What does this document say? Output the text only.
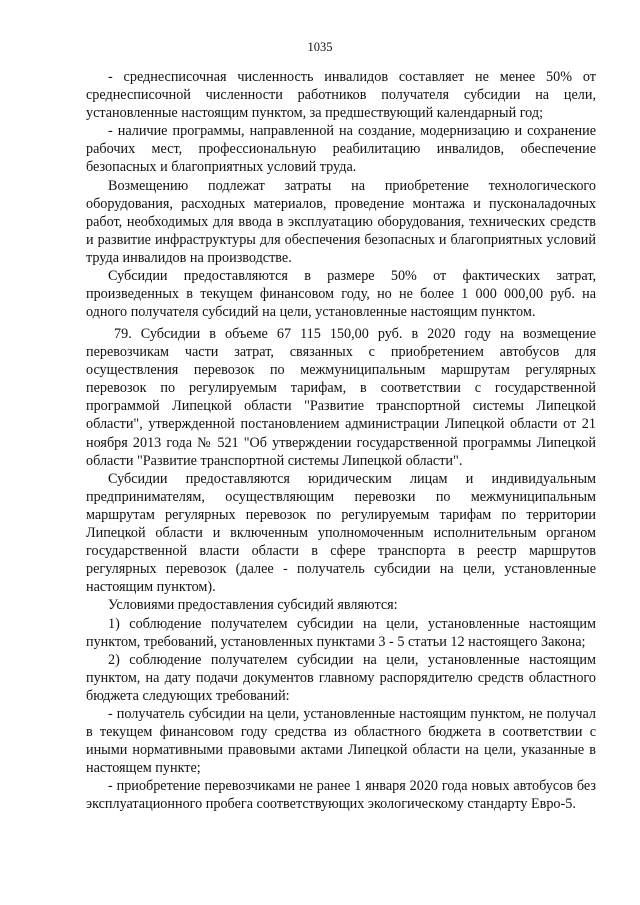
1035

- среднесписочная численность инвалидов составляет не менее 50% от среднесписочной численности работников получателя субсидии на цели, установленные настоящим пунктом, за предшествующий календарный год;

- наличие программы, направленной на создание, модернизацию и сохранение рабочих мест, профессиональную реабилитацию инвалидов, обеспечение безопасных и благоприятных условий труда.

Возмещению подлежат затраты на приобретение технологического оборудования, расходных материалов, проведение монтажа и пусконаладочных работ, необходимых для ввода в эксплуатацию оборудования, технических средств и развитие инфраструктуры для обеспечения безопасных и благоприятных условий труда инвалидов на производстве.

Субсидии предоставляются в размере 50% от фактических затрат, произведенных в текущем финансовом году, но не более 1 000 000,00 руб. на одного получателя субсидий на цели, установленные настоящим пунктом.

79. Субсидии в объеме 67 115 150,00 руб. в 2020 году на возмещение перевозчикам части затрат, связанных с приобретением автобусов для осуществления перевозок по межмуниципальным маршрутам регулярных перевозок по регулируемым тарифам, в соответствии с государственной программой Липецкой области "Развитие транспортной системы Липецкой области", утвержденной постановлением администрации Липецкой области от 21 ноября 2013 года № 521 "Об утверждении государственной программы Липецкой области "Развитие транспортной системы Липецкой области".

Субсидии предоставляются юридическим лицам и индивидуальным предпринимателям, осуществляющим перевозки по межмуниципальным маршрутам регулярных перевозок по регулируемым тарифам по территории Липецкой области и включенным уполномоченным исполнительным органом государственной власти области в сфере транспорта в реестр маршрутов регулярных перевозок (далее - получатель субсидии на цели, установленные настоящим пунктом).

Условиями предоставления субсидий являются:

1) соблюдение получателем субсидии на цели, установленные настоящим пунктом, требований, установленных пунктами 3 - 5 статьи 12 настоящего Закона;

2) соблюдение получателем субсидии на цели, установленные настоящим пунктом, на дату подачи документов главному распорядителю средств областного бюджета следующих требований:

- получатель субсидии на цели, установленные настоящим пунктом, не получал в текущем финансовом году средства из областного бюджета в соответствии с иными нормативными правовыми актами Липецкой области на цели, указанные в настоящем пункте;

- приобретение перевозчиками не ранее 1 января 2020 года новых автобусов без эксплуатационного пробега соответствующих экологическому стандарту Евро-5.
